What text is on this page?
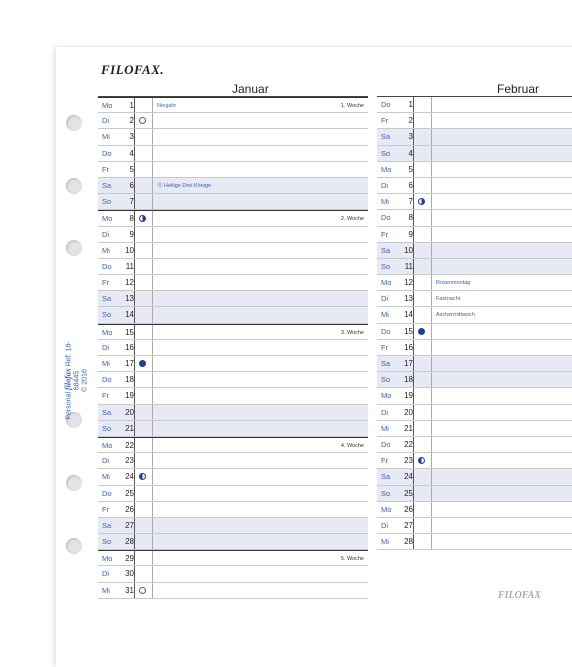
FILOFAX.
Personal filofax Ref: 18-68445 © 2016
Januar
Mo	1	Neujahr	1. Woche
Di	2
Mi	3
Do	4
Fr	5
Sa	6	Ⓡ Heilige Drei Könige
So	7
Mo	8	2. Woche
Di	9
Mi	10
Do	11
Fr	12
Sa	13
So	14
Mo	15	3. Woche
Di	16
Mi	17
Do	18
Fr	19
Sa	20
So	21
Mo	22	4. Woche
Di	23
Mi	24
Do	25
Fr	26
Sa	27
So	28
Mo	29	5. Woche
Di	30
Mi	31
Februar
Do	1
Fr	2
Sa	3
So	4
Mo	5
Di	6
Mi	7
Do	8
Fr	9
Sa	10
So	11
Mo	12	Rosenmontag
Di	13	Fastnacht
Mi	14	Aschermittwoch
Do	15
Fr	16
Sa	17
So	18
Mo	19
Di	20
Mi	21
Do	22
Fr	23
Sa	24
So	25
Mo	26
Di	27
Mi	28
FILOFAX
